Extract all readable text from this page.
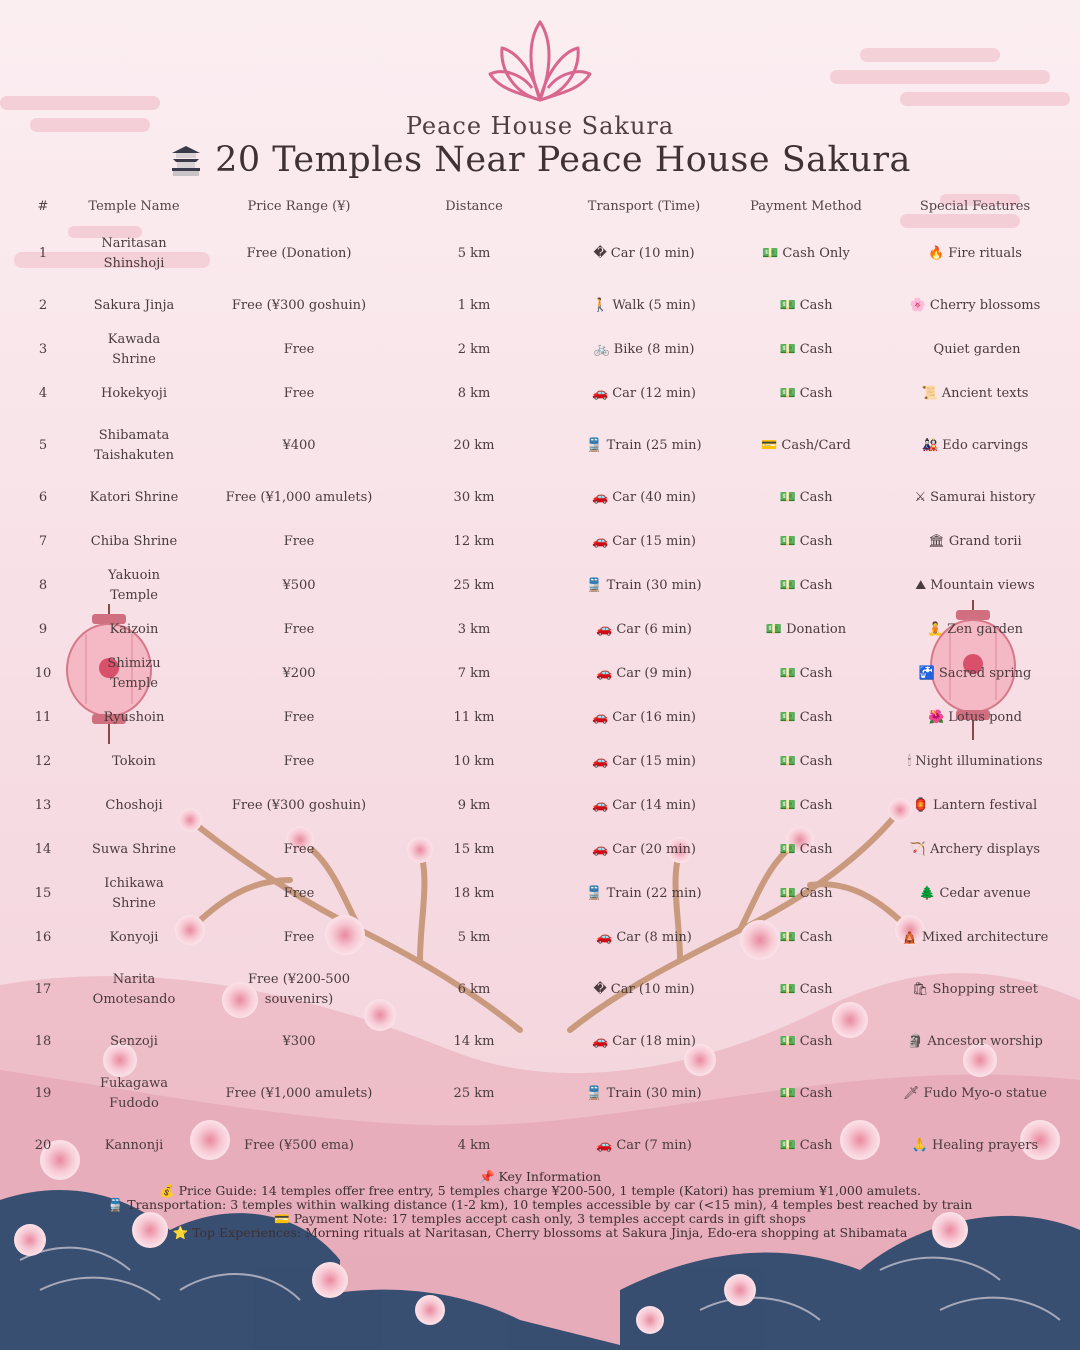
Peace House Sakura
20 Temples Near Peace House Sakura
#	Temple Name	Price Range (¥)	Distance	Transport (Time)	Payment Method	Special Features
1	Naritasan Shinshoji	Free (Donation)	5 km	� Car (10 min)	💵 Cash Only	🔥 Fire rituals
2	Sakura Jinja	Free (¥300 goshuin)	1 km	🚶 Walk (5 min)	💵 Cash	🌸 Cherry blossoms
3	Kawada Shrine	Free	2 km	🚲 Bike (8 min)	💵 Cash	Quiet garden
4	Hokekyoji	Free	8 km	🚗 Car (12 min)	💵 Cash	📜 Ancient texts
5	Shibamata Taishakuten	¥400	20 km	🚆 Train (25 min)	💳 Cash/Card	🎎 Edo carvings
6	Katori Shrine	Free (¥1,000 amulets)	30 km	🚗 Car (40 min)	💵 Cash	⚔ Samurai history
7	Chiba Shrine	Free	12 km	🚗 Car (15 min)	💵 Cash	🏛 Grand torii
8	Yakuoin Temple	¥500	25 km	🚆 Train (30 min)	💵 Cash	⛰ Mountain views
9	Kaizoin	Free	3 km	🚗 Car (6 min)	💵 Donation	🧘 Zen garden
10	Shimizu Temple	¥200	7 km	🚗 Car (9 min)	💵 Cash	🚰 Sacred spring
11	Ryushoin	Free	11 km	🚗 Car (16 min)	💵 Cash	🌺 Lotus pond
12	Tokoin	Free	10 km	🚗 Car (15 min)	💵 Cash	🕯 Night illuminations
13	Choshoji	Free (¥300 goshuin)	9 km	🚗 Car (14 min)	💵 Cash	🏮 Lantern festival
14	Suwa Shrine	Free	15 km	🚗 Car (20 min)	💵 Cash	🏹 Archery displays
15	Ichikawa Shrine	Free	18 km	🚆 Train (22 min)	💵 Cash	🌲 Cedar avenue
16	Konyoji	Free	5 km	🚗 Car (8 min)	💵 Cash	🛕 Mixed architecture
17	Narita Omotesando	Free (¥200-500 souvenirs)	6 km	� Car (10 min)	💵 Cash	🛍 Shopping street
18	Senzoji	¥300	14 km	🚗 Car (18 min)	💵 Cash	🗿 Ancestor worship
19	Fukagawa Fudodo	Free (¥1,000 amulets)	25 km	🚆 Train (30 min)	💵 Cash	🗡 Fudo Myo-o statue
20	Kannonji	Free (¥500 ema)	4 km	🚗 Car (7 min)	💵 Cash	🙏 Healing prayers
📌 Key Information
💰 Price Guide: 14 temples offer free entry, 5 temples charge ¥200-500, 1 temple (Katori) has premium ¥1,000 amulets.
🚆 Transportation: 3 temples within walking distance (1-2 km), 10 temples accessible by car (<15 min), 4 temples best reached by train
💳 Payment Note: 17 temples accept cash only, 3 temples accept cards in gift shops
⭐ Top Experiences: Morning rituals at Naritasan, Cherry blossoms at Sakura Jinja, Edo-era shopping at Shibamata
